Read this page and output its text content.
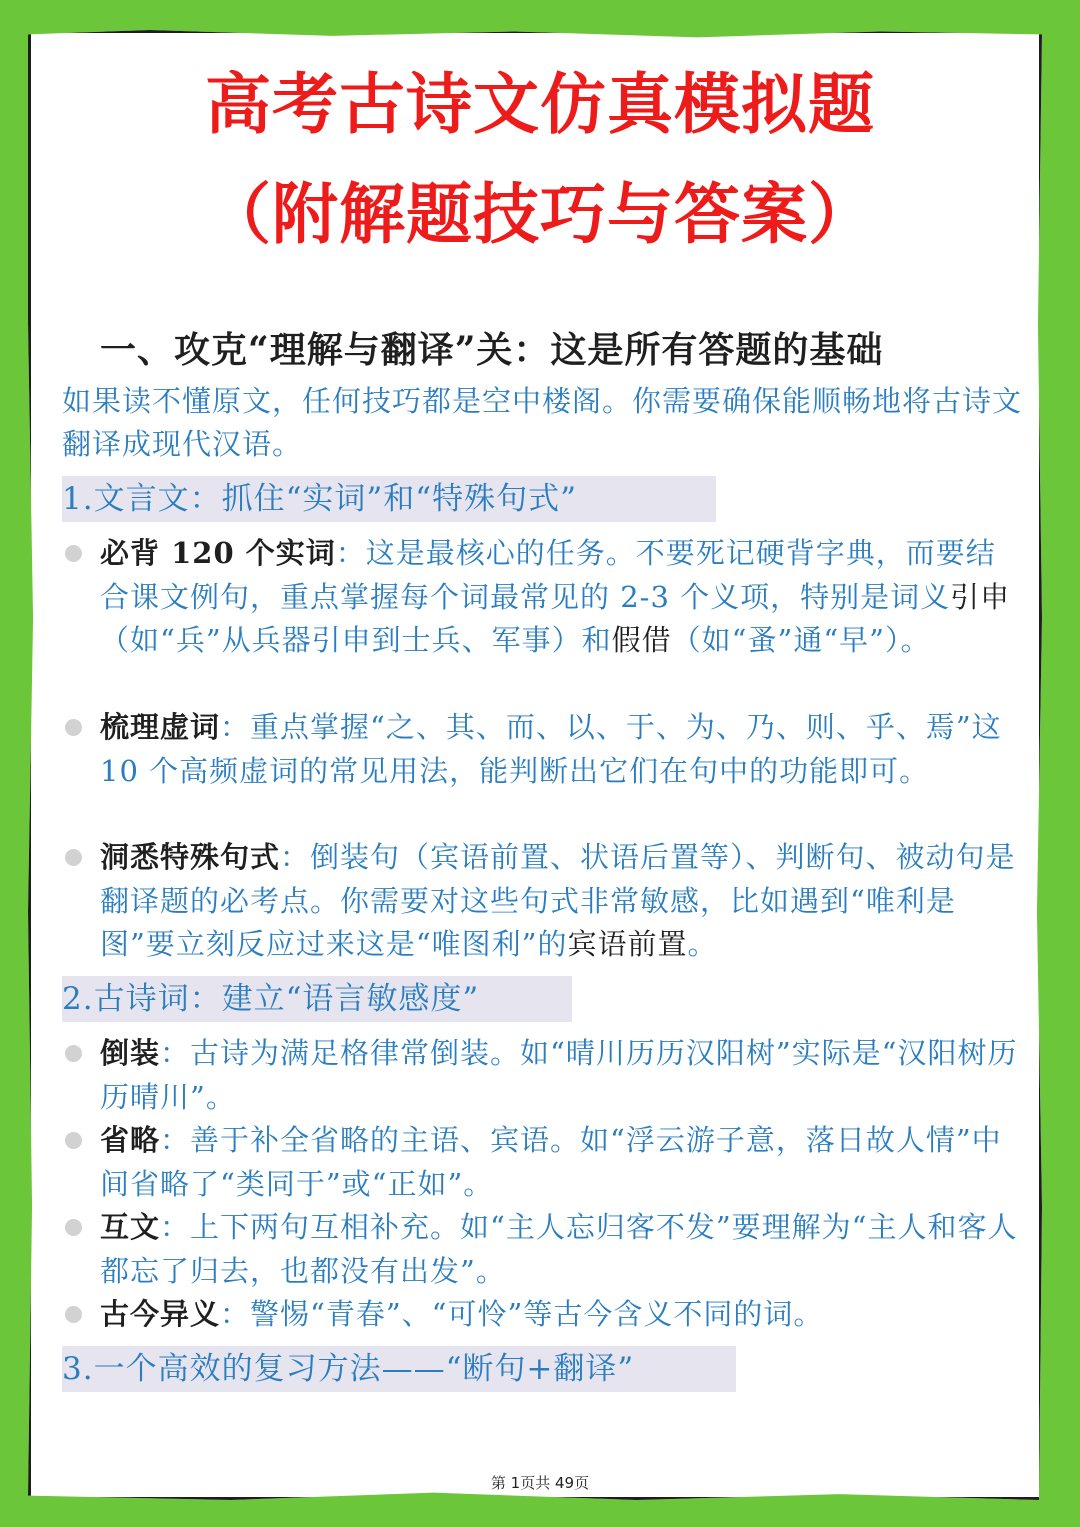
高考古诗文仿真模拟题
（附解题技巧与答案）
一、攻克“理解与翻译”关：这是所有答题的基础
如果读不懂原文，任何技巧都是空中楼阁。你需要确保能顺畅地将古诗文翻译成现代汉语。
1.文言文：抓住“实词”和“特殊句式”
必背 120 个实词：这是最核心的任务。不要死记硬背字典，而要结合课文例句，重点掌握每个词最常见的 2-3 个义项，特别是词义引申（如“兵”从兵器引申到士兵、军事）和假借（如“蚤”通“早”）。
梳理虚词：重点掌握“之、其、而、以、于、为、乃、则、乎、焉”这 10 个高频虚词的常见用法，能判断出它们在句中的功能即可。
洞悉特殊句式：倒装句（宾语前置、状语后置等）、判断句、被动句是翻译题的必考点。你需要对这些句式非常敏感，比如遇到“唯利是图”要立刻反应过来这是“唯图利”的宾语前置。
2.古诗词：建立“语言敏感度”
倒装：古诗为满足格律常倒装。如“晴川历历汉阳树”实际是“汉阳树历历晴川”。
省略：善于补全省略的主语、宾语。如“浮云游子意，落日故人情”中间省略了“类同于”或“正如”。
互文：上下两句互相补充。如“主人忘归客不发”要理解为“主人和客人都忘了归去，也都没有出发”。
古今异义：警惕“青春”、“可怜”等古今含义不同的词。
3.一个高效的复习方法——“断句+翻译”
第 1页共 49页
